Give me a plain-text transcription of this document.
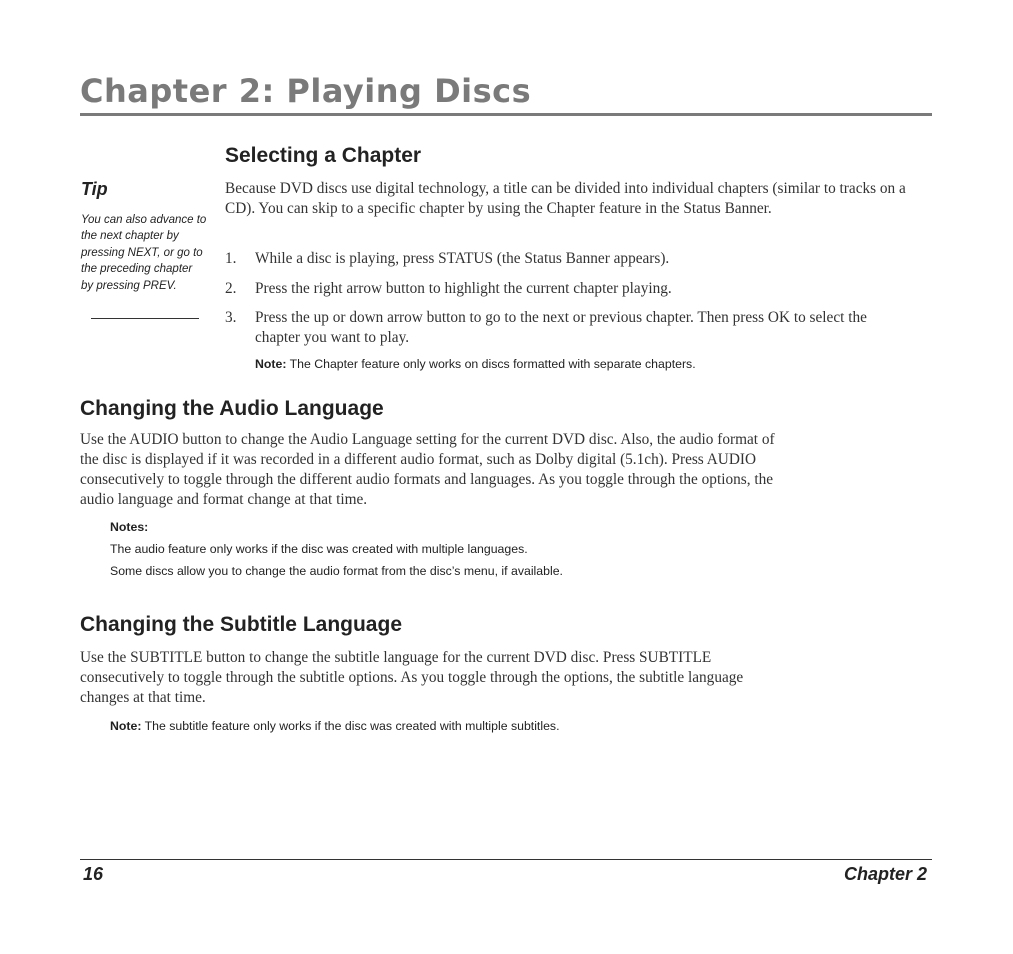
Chapter 2: Playing Discs
Tip

You can also advance to the next chapter by pressing NEXT, or go to the preceding chapter by pressing PREV.

Selecting a Chapter

Because DVD discs use digital technology, a title can be divided into individual chapters (similar to tracks on a CD). You can skip to a specific chapter by using the Chapter feature in the Status Banner.

1. While a disc is playing, press STATUS (the Status Banner appears).
2. Press the right arrow button to highlight the current chapter playing.
3. Press the up or down arrow button to go to the next or previous chapter. Then press OK to select the chapter you want to play.

Note: The Chapter feature only works on discs formatted with separate chapters.

Changing the Audio Language

Use the AUDIO button to change the Audio Language setting for the current DVD disc. Also, the audio format of the disc is displayed if it was recorded in a different audio format, such as Dolby digital (5.1ch). Press AUDIO consecutively to toggle through the different audio formats and languages. As you toggle through the options, the audio language and format change at that time.

Notes:

The audio feature only works if the disc was created with multiple languages.

Some discs allow you to change the audio format from the disc’s menu, if available.

Changing the Subtitle Language

Use the SUBTITLE button to change the subtitle language for the current DVD disc. Press SUBTITLE consecutively to toggle through the subtitle options. As you toggle through the options, the subtitle language changes at that time.

Note: The subtitle feature only works if the disc was created with multiple subtitles.

16	Chapter 2
